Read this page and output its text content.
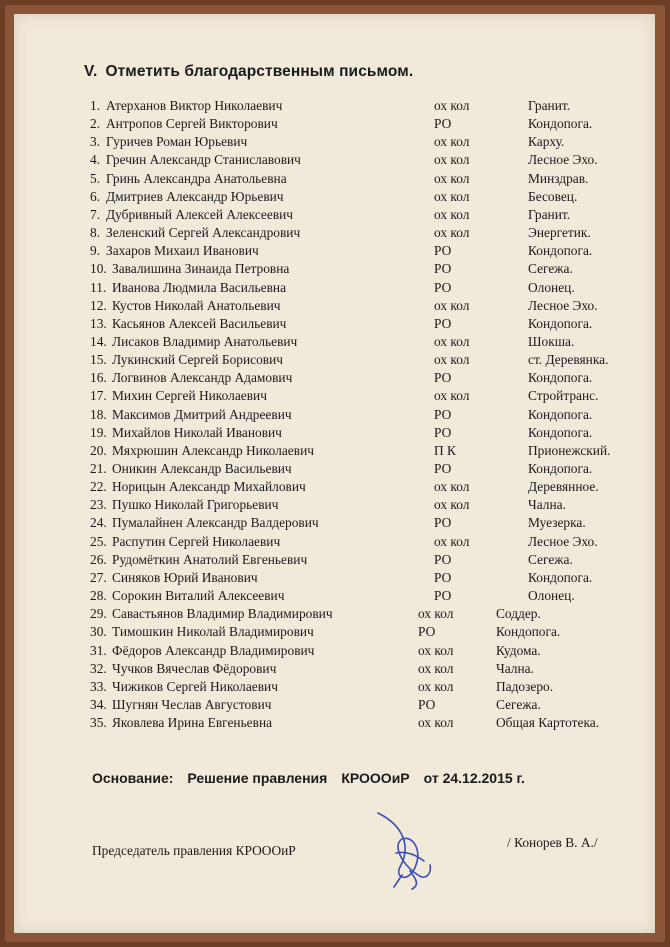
V. Отметить благодарственным письмом.
1. Атерханов Виктор Николаевич	ох кол	Гранит.
2. Антропов Сергей Викторович	РО	Кондопога.
3. Гуричев Роман Юрьевич	ох кол	Карху.
4. Гречин Александр Станиславович	ох кол	Лесное Эхо.
5. Гринь Александра Анатольевна	ох кол	Минздрав.
6. Дмитриев Александр Юрьевич	ох кол	Бесовец.
7. Дубривный Алексей Алексеевич	ох кол	Гранит.
8. Зеленский Сергей Александрович	ох кол	Энергетик.
9. Захаров Михаил Иванович	РО	Кондопога.
10. Завалишина Зинаида Петровна	РО	Сегежа.
11. Иванова Людмила Васильевна	РО	Олонец.
12. Кустов Николай Анатольевич	ох кол	Лесное Эхо.
13. Касьянов Алексей Васильевич	РО	Кондопога.
14. Лисаков Владимир Анатольевич	ох кол	Шокша.
15. Лукинский Сергей Борисович	ох кол	ст. Деревянка.
16. Логвинов Александр Адамович	РО	Кондопога.
17. Михин Сергей Николаевич	ох кол	Стройтранс.
18. Максимов Дмитрий Андреевич	РО	Кондопога.
19. Михайлов Николай Иванович	РО	Кондопога.
20. Мяхрюшин Александр Николаевич	П К	Прионежский.
21. Оникин Александр Васильевич	РО	Кондопога.
22. Норицын Александр Михайлович	ох кол	Деревянное.
23. Пушко Николай Григорьевич	ох кол	Чална.
24. Пумалайнен Александр Валдерович	РО	Муезерка.
25. Распутин Сергей Николаевич	ох кол	Лесное Эхо.
26. Рудомёткин Анатолий Евгеньевич	РО	Сегежа.
27. Синяков Юрий Иванович	РО	Кондопога.
28. Сорокин Виталий Алексеевич	РО	Олонец.
29. Савастьянов Владимир Владимирович	ох кол	Соддер.
30. Тимошкин Николай Владимирович	РО	Кондопога.
31. Фёдоров Александр Владимирович	ох кол	Кудома.
32. Чучков Вячеслав Фёдорович	ох кол	Чална.
33. Чижиков Сергей Николаевич	ох кол	Падозеро.
34. Шугнян Чеслав Августович	РО	Сегежа.
35. Яковлева Ирина Евгеньевна	ох кол	Общая Картотека.
Основание: Решение правления КРОООиР от 24.12.2015 г.
Председатель правления КРОООиР
/ Конорев В. А./
